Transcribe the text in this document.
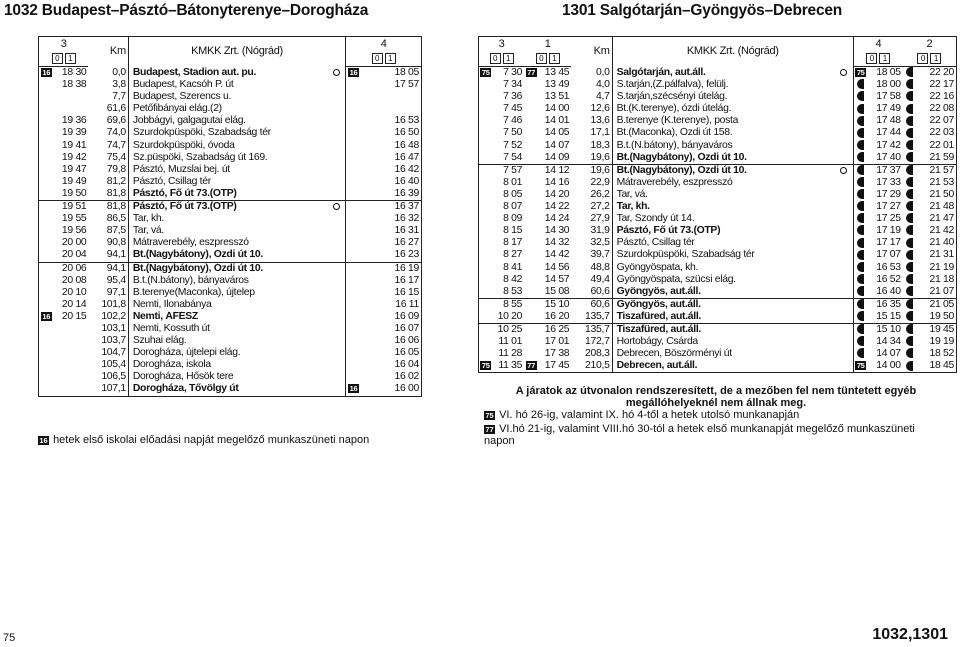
1032 Budapest–Pásztó–Bátonyterenye–Dorogháza	1301 Salgótarján–Gyöngyös–Debrecen
3		Km	KMKK Zrt. (Nógrád)		4	
0 1					0 1	
16	18 30	0,0	Budapest, Stadion aut. pu.		16	18 05
	18 38	3,8	Budapest, Kacsóh P. út			17 57
		7,7	Budapest, Szerencs u.			
		61,6	Petőfibányai elág.(2)			
	19 36	69,6	Jobbágyi, galgagutai elág.			16 53
	19 39	74,0	Szurdokpüspöki, Szabadság tér			16 50
	19 41	74,7	Szurdokpüspöki, óvoda			16 48
	19 42	75,4	Sz.püspöki, Szabadság út 169.			16 47
	19 47	79,8	Pásztó, Muzslai bej. út			16 42
	19 49	81,2	Pásztó, Csillag tér			16 40
	19 50	81,8	Pásztó, Fő út 73.(OTP)			16 39
	19 51	81,8	Pásztó, Fő út 73.(OTP)			16 37
	19 55	86,5	Tar, kh.			16 32
	19 56	87,5	Tar, vá.			16 31
	20 00	90,8	Mátraverebély, eszpresszó			16 27
	20 04	94,1	Bt.(Nagybátony), Ózdi út 10.			16 23
	20 06	94,1	Bt.(Nagybátony), Ózdi út 10.			16 19
	20 08	95,4	B.t.(N.bátony), bányaváros			16 17
	20 10	97,1	B.terenye(Maconka), újtelep			16 15
	20 14	101,8	Nemti, Ilonabánya			16 11
16	20 15	102,2	Nemti, ÁFÉSZ			16 09
		103,1	Nemti, Kossuth út			16 07
		103,7	Szuhai elág.			16 06
		104,7	Dorogháza, újtelepi elág.			16 05
		105,4	Dorogháza, iskola			16 04
		106,5	Dorogháza, Hősök tere			16 02
		107,1	Dorogháza, Tővölgy út		16	16 00
16 hetek első iskolai előadási napját megelőző munkaszüneti napon
3		1		Km	KMKK Zrt. (Nógrád)		4		2	
0 1		0 1					0 1		0 1	
75	7 30	77	13 45	0,0	Salgótarján, aut.áll.		75	18 05		22 20
	7 34		13 49	4,0	S.tarján,(Z.pálfalva), felülj.			18 00		22 17
	7 36		13 51	4,7	S.tarján,szécsényi útelág.			17 58		22 16
	7 45		14 00	12,6	Bt.(K.terenye), ózdi útelág.			17 49		22 08
	7 46		14 01	13,6	B.terenye (K.terenye), posta			17 48		22 07
	7 50		14 05	17,1	Bt.(Maconka), Ózdi út 158.			17 44		22 03
	7 52		14 07	18,3	B.t.(N.bátony), bányaváros			17 42		22 01
	7 54		14 09	19,6	Bt.(Nagybátony), Ózdi út 10.			17 40		21 59
	7 57		14 12	19,6	Bt.(Nagybátony), Ózdi út 10.			17 37		21 57
	8 01		14 16	22,9	Mátraverebély, eszpresszó			17 33		21 53
	8 05		14 20	26,2	Tar, vá.			17 29		21 50
	8 07		14 22	27,2	Tar, kh.			17 27		21 48
	8 09		14 24	27,9	Tar, Szondy út 14.			17 25		21 47
	8 15		14 30	31,9	Pásztó, Fő út 73.(OTP)			17 19		21 42
	8 17		14 32	32,5	Pásztó, Csillag tér			17 17		21 40
	8 27		14 42	39,7	Szurdokpüspöki, Szabadság tér			17 07		21 31
	8 41		14 56	48,8	Gyöngyöspata, kh.			16 53		21 19
	8 42		14 57	49,4	Gyöngyöspata, szücsi elág.			16 52		21 18
	8 53		15 08	60,6	Gyöngyös, aut.áll.			16 40		21 07
	8 55		15 10	60,6	Gyöngyös, aut.áll.			16 35		21 05
	10 20		16 20	135,7	Tiszafüred, aut.áll.			15 15		19 50
	10 25		16 25	135,7	Tiszafüred, aut.áll.			15 10		19 45
	11 01		17 01	172,7	Hortobágy, Csárda			14 34		19 19
	11 28		17 38	208,3	Debrecen, Böszörményi út			14 07		18 52
75	11 35	77	17 45	210,5	Debrecen, aut.áll.		75	14 00		18 45
A járatok az útvonalon rendszeresített, de a mezőben fel nem tüntetett egyéb megállóhelyeknél nem állnak meg.
75 VI. hó 26-ig, valamint IX. hó 4-től a hetek utolsó munkanapján
77 VI.hó 21-ig, valamint VIII.hó 30-tól a hetek első munkanapját megelőző munkaszüneti napon
75	1032,1301
